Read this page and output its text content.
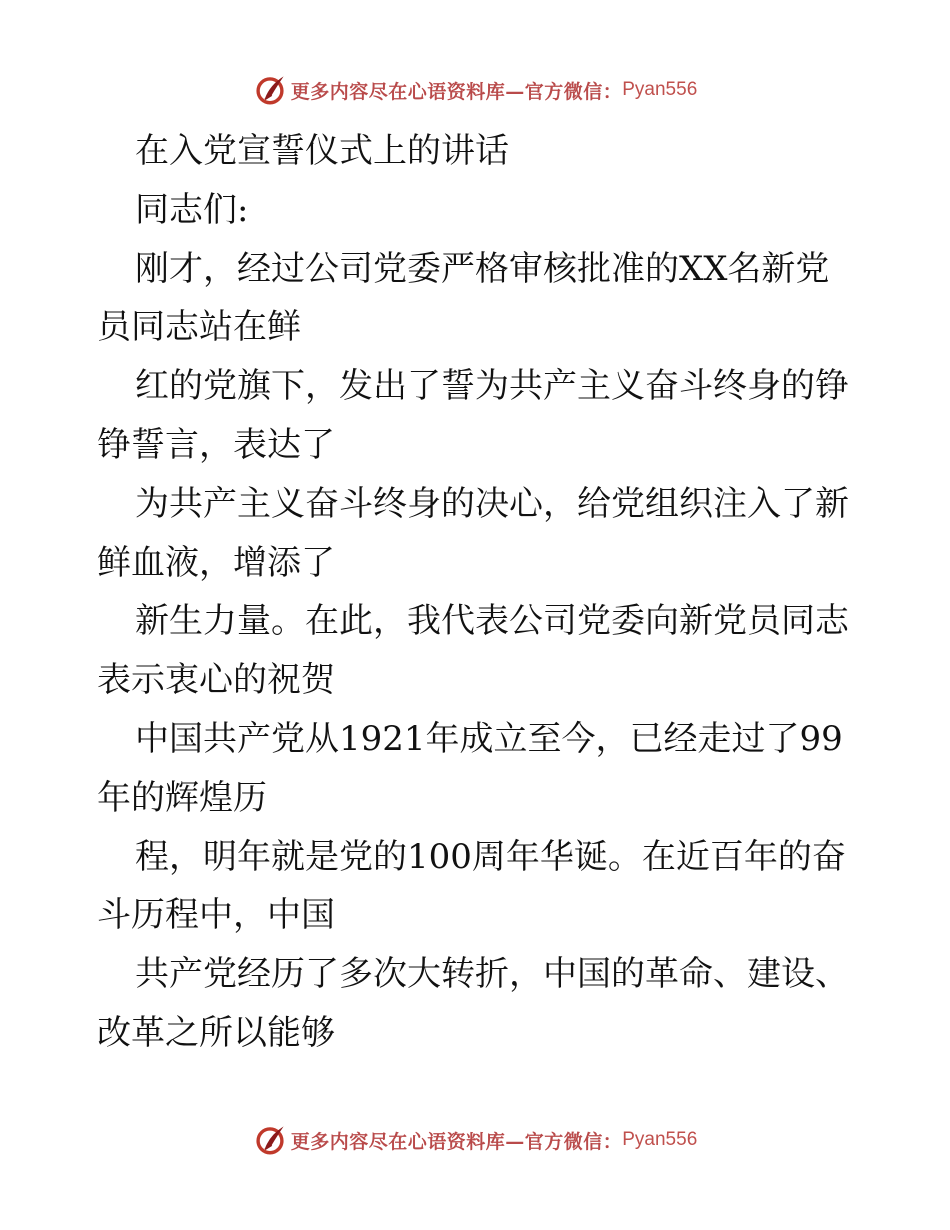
更多内容尽在心语资料库—官方微信： Pyan556
在入党宣誓仪式上的讲话
同志们:
刚才，经过公司党委严格审核批准的XX名新党
员同志站在鲜
红的党旗下，发出了誓为共产主义奋斗终身的铮
铮誓言，表达了
为共产主义奋斗终身的决心，给党组织注入了新
鲜血液，增添了
新生力量。在此，我代表公司党委向新党员同志
表示衷心的祝贺
中国共产党从1921年成立至今，已经走过了99
年的辉煌历
程，明年就是党的100周年华诞。在近百年的奋
斗历程中，中国
共产党经历了多次大转折，中国的革命、建设、
改革之所以能够
更多内容尽在心语资料库—官方微信： Pyan556
